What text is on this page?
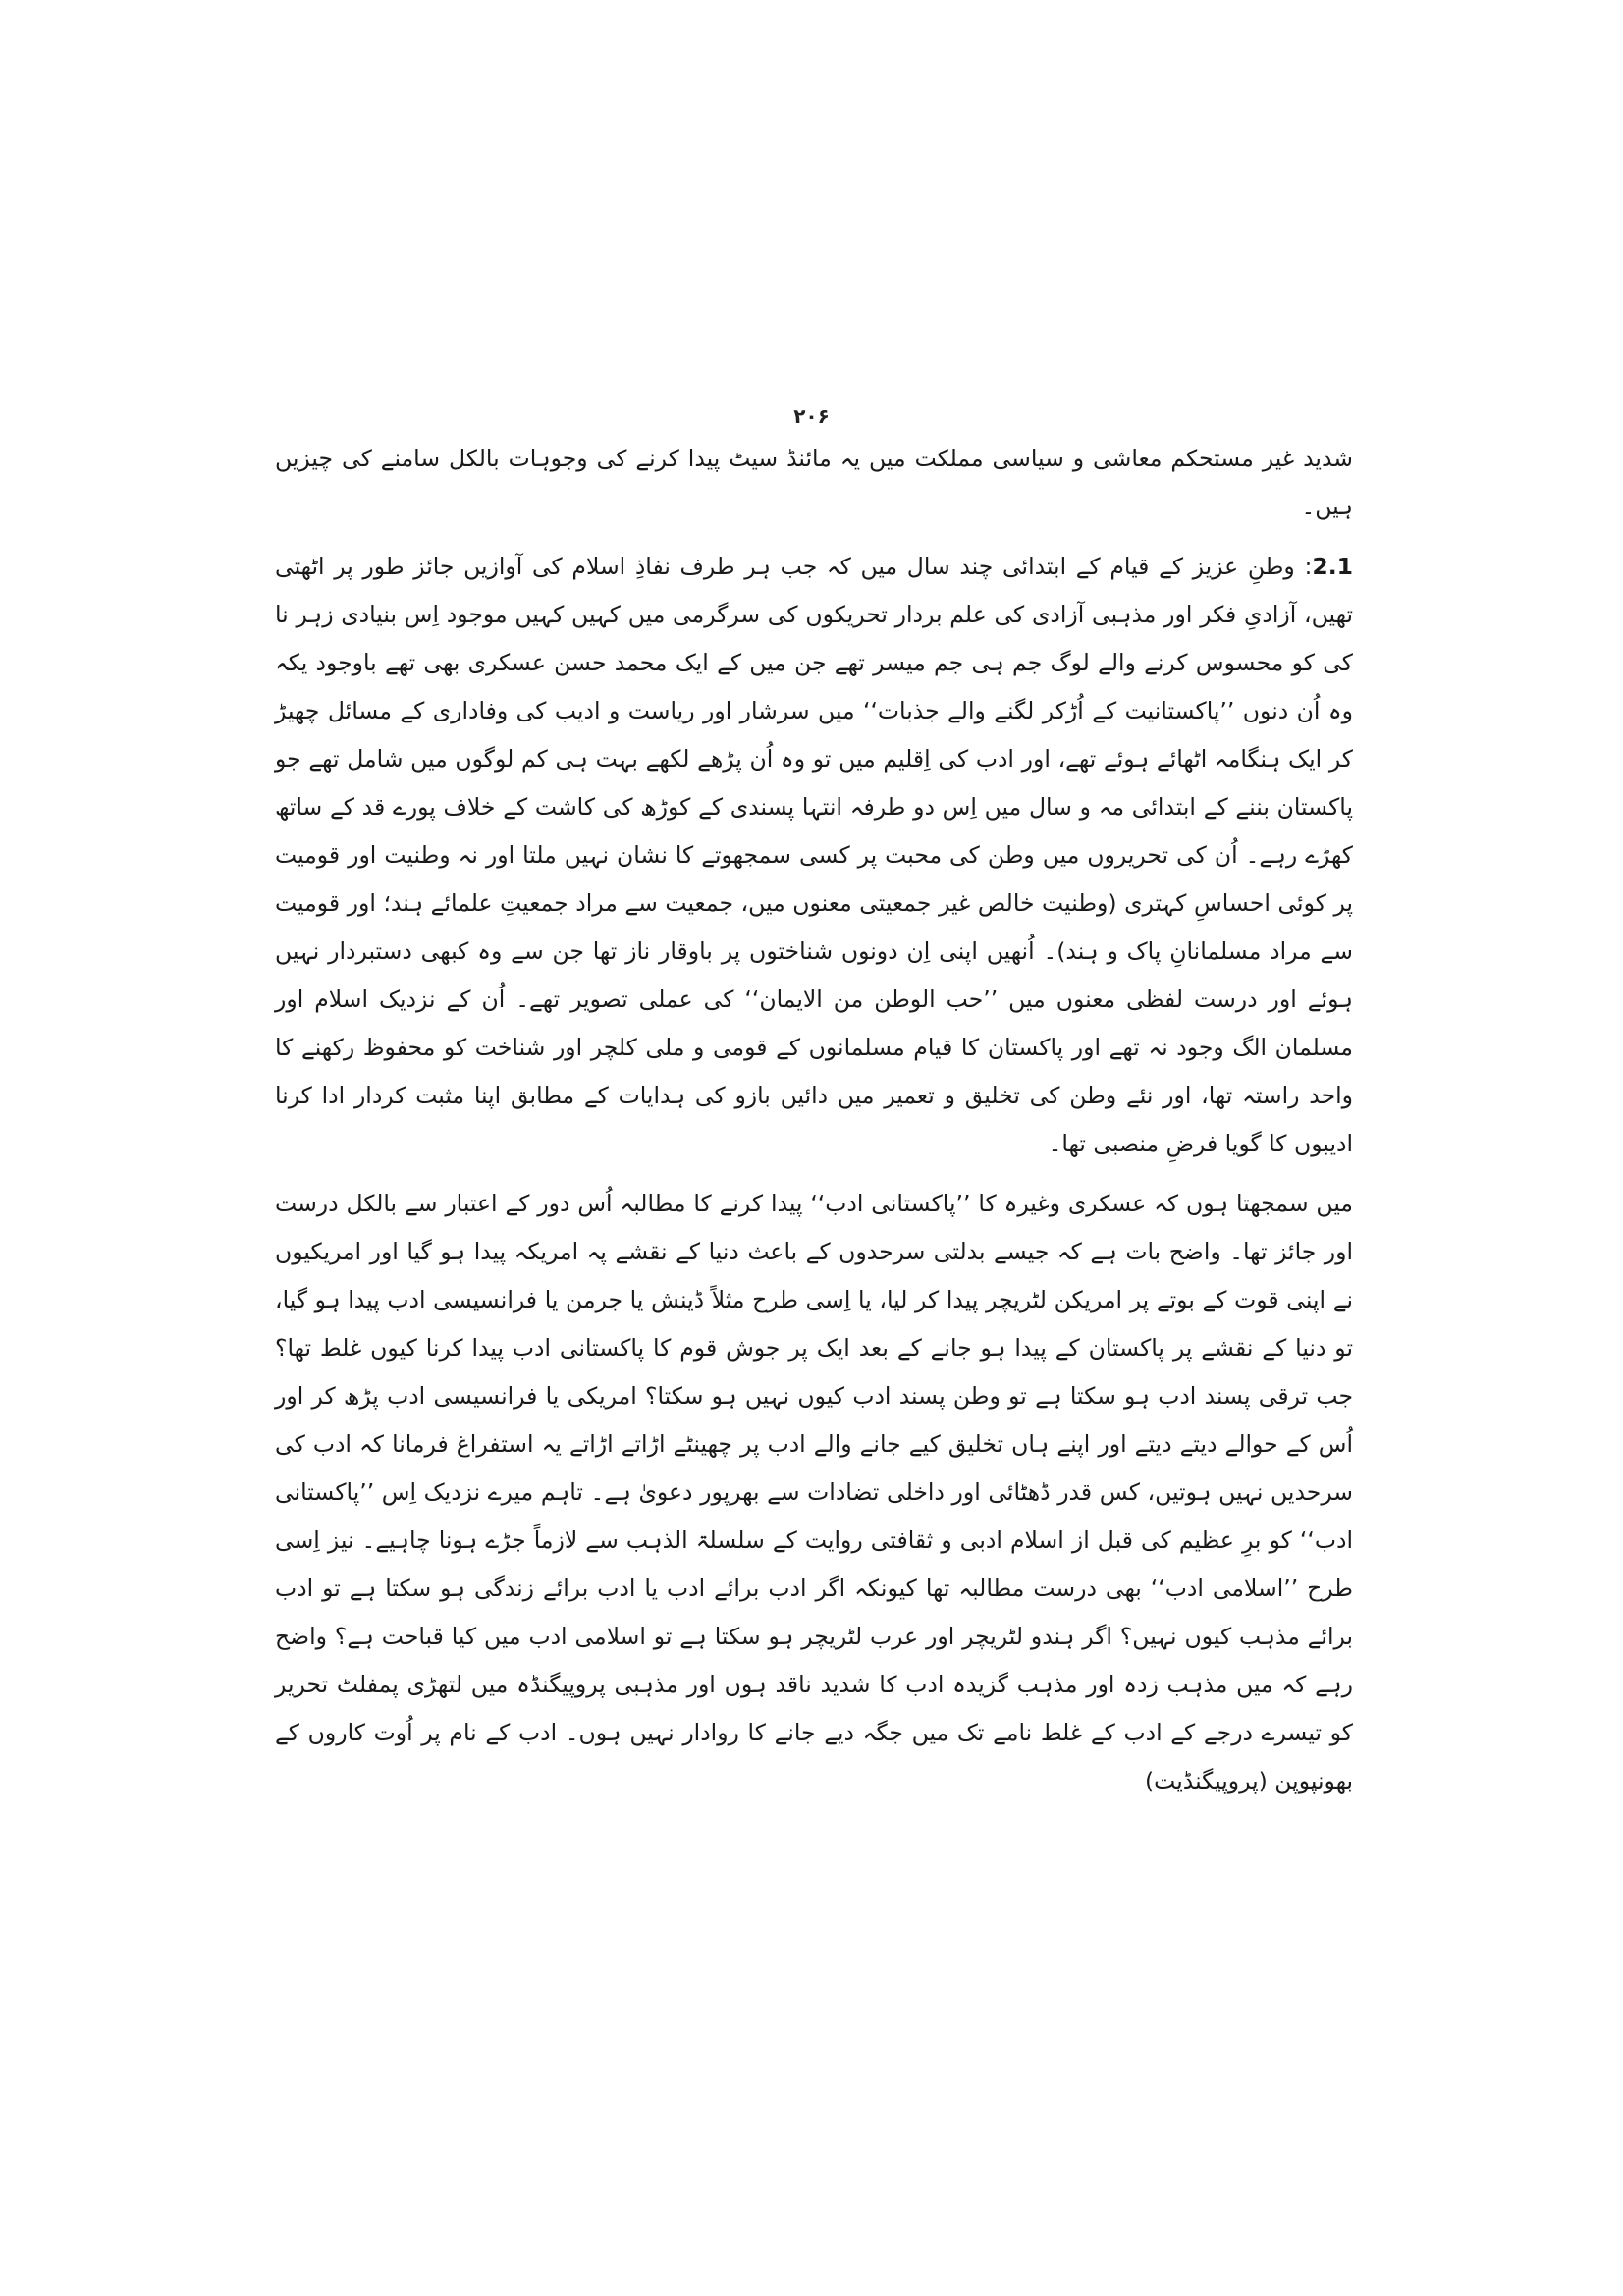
۲۰۶

شدید غیر مستحکم معاشی و سیاسی مملکت میں یہ مائنڈ سیٹ پیدا کرنے کی وجوہات بالکل سامنے کی چیزیں ہیں۔

2.1: وطنِ عزیز کے قیام کے ابتدائی چند سال میں کہ جب ہر طرف نفاذِ اسلام کی آوازیں جائز طور پر اٹھتی تھیں، آزادیِ فکر اور مذہبی آزادی کی علم بردار تحریکوں کی سرگرمی میں کہیں کہیں موجود اِس بنیادی زہر نا کی کو محسوس کرنے والے لوگ جم ہی جم میسر تھے جن میں کے ایک محمد حسن عسکری بھی تھے باوجود یکہ وہ اُن دنوں ’’پاکستانیت کے اُڑکر لگنے والے جذبات‘‘ میں سرشار اور ریاست و ادیب کی وفاداری کے مسائل چھیڑ کر ایک ہنگامہ اٹھائے ہوئے تھے، اور ادب کی اِقلیم میں تو وہ اُن پڑھے لکھے بہت ہی کم لوگوں میں شامل تھے جو پاکستان بننے کے ابتدائی مہ و سال میں اِس دو طرفہ انتہا پسندی کے کوڑھ کی کاشت کے خلاف پورے قد کے ساتھ کھڑے رہے۔ اُن کی تحریروں میں وطن کی محبت پر کسی سمجھوتے کا نشان نہیں ملتا اور نہ وطنیت اور قومیت پر کوئی احساسِ کہتری (وطنیت خالص غیر جمعیتی معنوں میں، جمعیت سے مراد جمعیتِ علمائے ہند؛ اور قومیت سے مراد مسلمانانِ پاک و ہند)۔ اُنھیں اپنی اِن دونوں شناختوں پر باوقار ناز تھا جن سے وہ کبھی دستبردار نہیں ہوئے اور درست لفظی معنوں میں ’’حب الوطن من الایمان‘‘ کی عملی تصویر تھے۔ اُن کے نزدیک اسلام اور مسلمان الگ وجود نہ تھے اور پاکستان کا قیام مسلمانوں کے قومی و ملی کلچر اور شناخت کو محفوظ رکھنے کا واحد راستہ تھا، اور نئے وطن کی تخلیق و تعمیر میں دائیں بازو کی ہدایات کے مطابق اپنا مثبت کردار ادا کرنا ادیبوں کا گویا فرضِ منصبی تھا۔

میں سمجھتا ہوں کہ عسکری وغیرہ کا ’’پاکستانی ادب‘‘ پیدا کرنے کا مطالبہ اُس دور کے اعتبار سے بالکل درست اور جائز تھا۔ واضح بات ہے کہ جیسے بدلتی سرحدوں کے باعث دنیا کے نقشے پہ امریکہ پیدا ہو گیا اور امریکیوں نے اپنی قوت کے بوتے پر امریکن لٹریچر پیدا کر لیا، یا اِسی طرح مثلاً ڈینش یا جرمن یا فرانسیسی ادب پیدا ہو گیا، تو دنیا کے نقشے پر پاکستان کے پیدا ہو جانے کے بعد ایک پر جوش قوم کا پاکستانی ادب پیدا کرنا کیوں غلط تھا؟ جب ترقی پسند ادب ہو سکتا ہے تو وطن پسند ادب کیوں نہیں ہو سکتا؟ امریکی یا فرانسیسی ادب پڑھ کر اور اُس کے حوالے دیتے دیتے اور اپنے ہاں تخلیق کیے جانے والے ادب پر چھینٹے اڑاتے اڑاتے یہ استفراغ فرمانا کہ ادب کی سرحدیں نہیں ہوتیں، کس قدر ڈھٹائی اور داخلی تضادات سے بھرپور دعویٰ ہے۔ تاہم میرے نزدیک اِس ’’پاکستانی ادب‘‘ کو برِ عظیم کی قبل از اسلام ادبی و ثقافتی روایت کے سلسلۃ الذہب سے لازماً جڑے ہونا چاہیے۔ نیز اِسی طرح ’’اسلامی ادب‘‘ بھی درست مطالبہ تھا کیونکہ اگر ادب برائے ادب یا ادب برائے زندگی ہو سکتا ہے تو ادب برائے مذہب کیوں نہیں؟ اگر ہندو لٹریچر اور عرب لٹریچر ہو سکتا ہے تو اسلامی ادب میں کیا قباحت ہے؟ واضح رہے کہ میں مذہب زدہ اور مذہب گزیدہ ادب کا شدید ناقد ہوں اور مذہبی پروپیگنڈہ میں لتھڑی پمفلٹ تحریر کو تیسرے درجے کے ادب کے غلط نامے تک میں جگہ دیے جانے کا روادار نہیں ہوں۔ ادب کے نام پر اُوت کاروں کے بھونپوپن (پروپیگنڈیت)
